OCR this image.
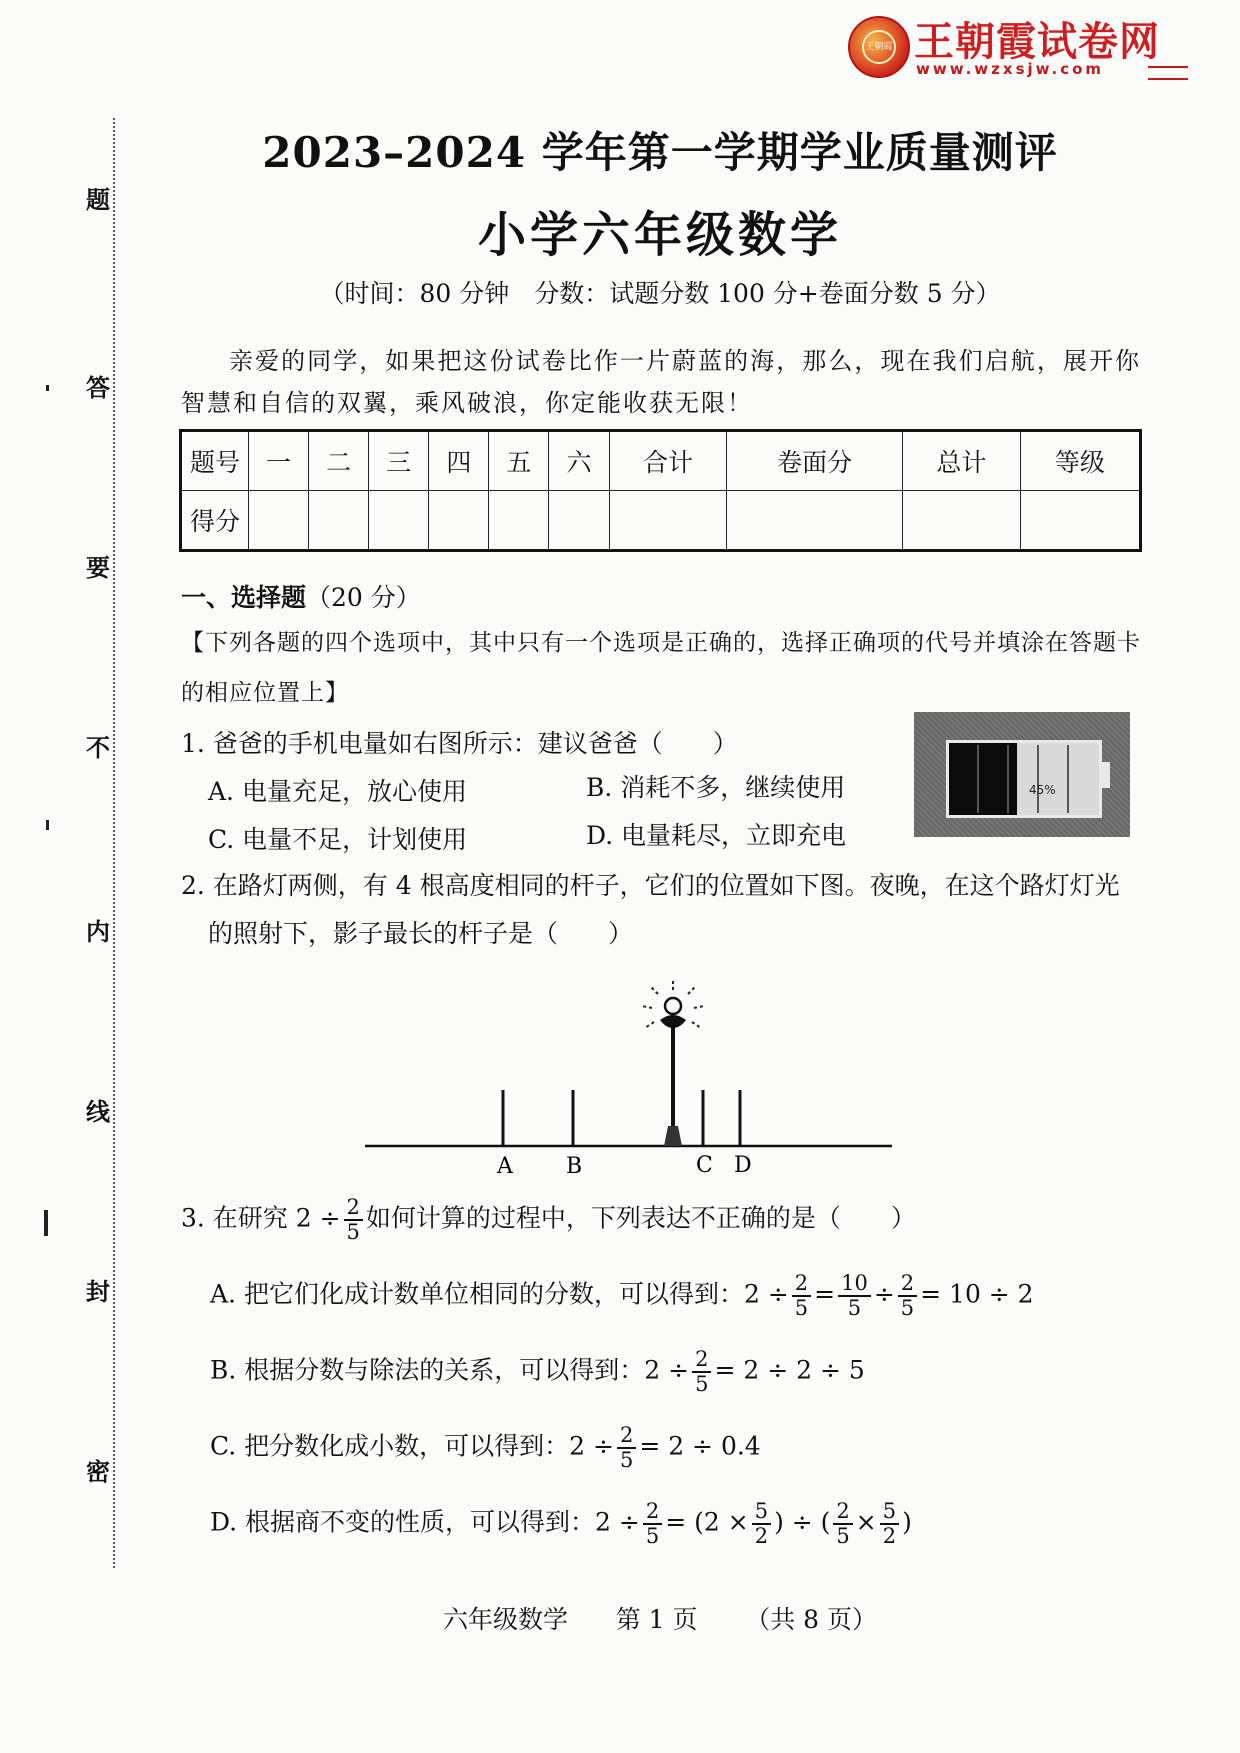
题
答
要
不
内
线
封
密
王朝霞 王朝霞试卷网
www.wzxsjw.com
2023–2024 学年第一学期学业质量测评
小学六年级数学
（时间：80 分钟　分数：试题分数 100 分+卷面分数 5 分）
亲爱的同学，如果把这份试卷比作一片蔚蓝的海，那么，现在我们启航，展开你智慧和自信的双翼，乘风破浪，你定能收获无限！
题号	一	二	三	四	五	六	合计	卷面分	总计	等级
得分										
一、选择题（20 分）
【下列各题的四个选项中，其中只有一个选项是正确的，选择正确项的代号并填涂在答题卡的相应位置上】
1. 爸爸的手机电量如右图所示：建议爸爸（　　）
A. 电量充足，放心使用	B. 消耗不多，继续使用
C. 电量不足，计划使用	D. 电量耗尽，立即充电
45%
2. 在路灯两侧，有 4 根高度相同的杆子，它们的位置如下图。夜晚，在这个路灯灯光
的照射下，影子最长的杆子是（　　）
A B	C D
3. 在研究 $2 \div \frac{2}{5}$ 如何计算的过程中，下列表达不正确的是（　　）
A. 把它们化成计数单位相同的分数，可以得到：$2 \div \frac{2}{5} = \frac{10}{5} \div \frac{2}{5} = 10 \div 2$
B. 根据分数与除法的关系，可以得到：$2 \div \frac{2}{5} = 2 \div 2 \div 5$
C. 把分数化成小数，可以得到：$2 \div \frac{2}{5} = 2 \div 0.4$
D. 根据商不变的性质，可以得到：$2 \div \frac{2}{5} = (2 \times \frac{5}{2}$ ) ÷ ( $\frac{2}{5} \times \frac{5}{2}$ )
六年级数学 第 1 页 （共 8 页）
